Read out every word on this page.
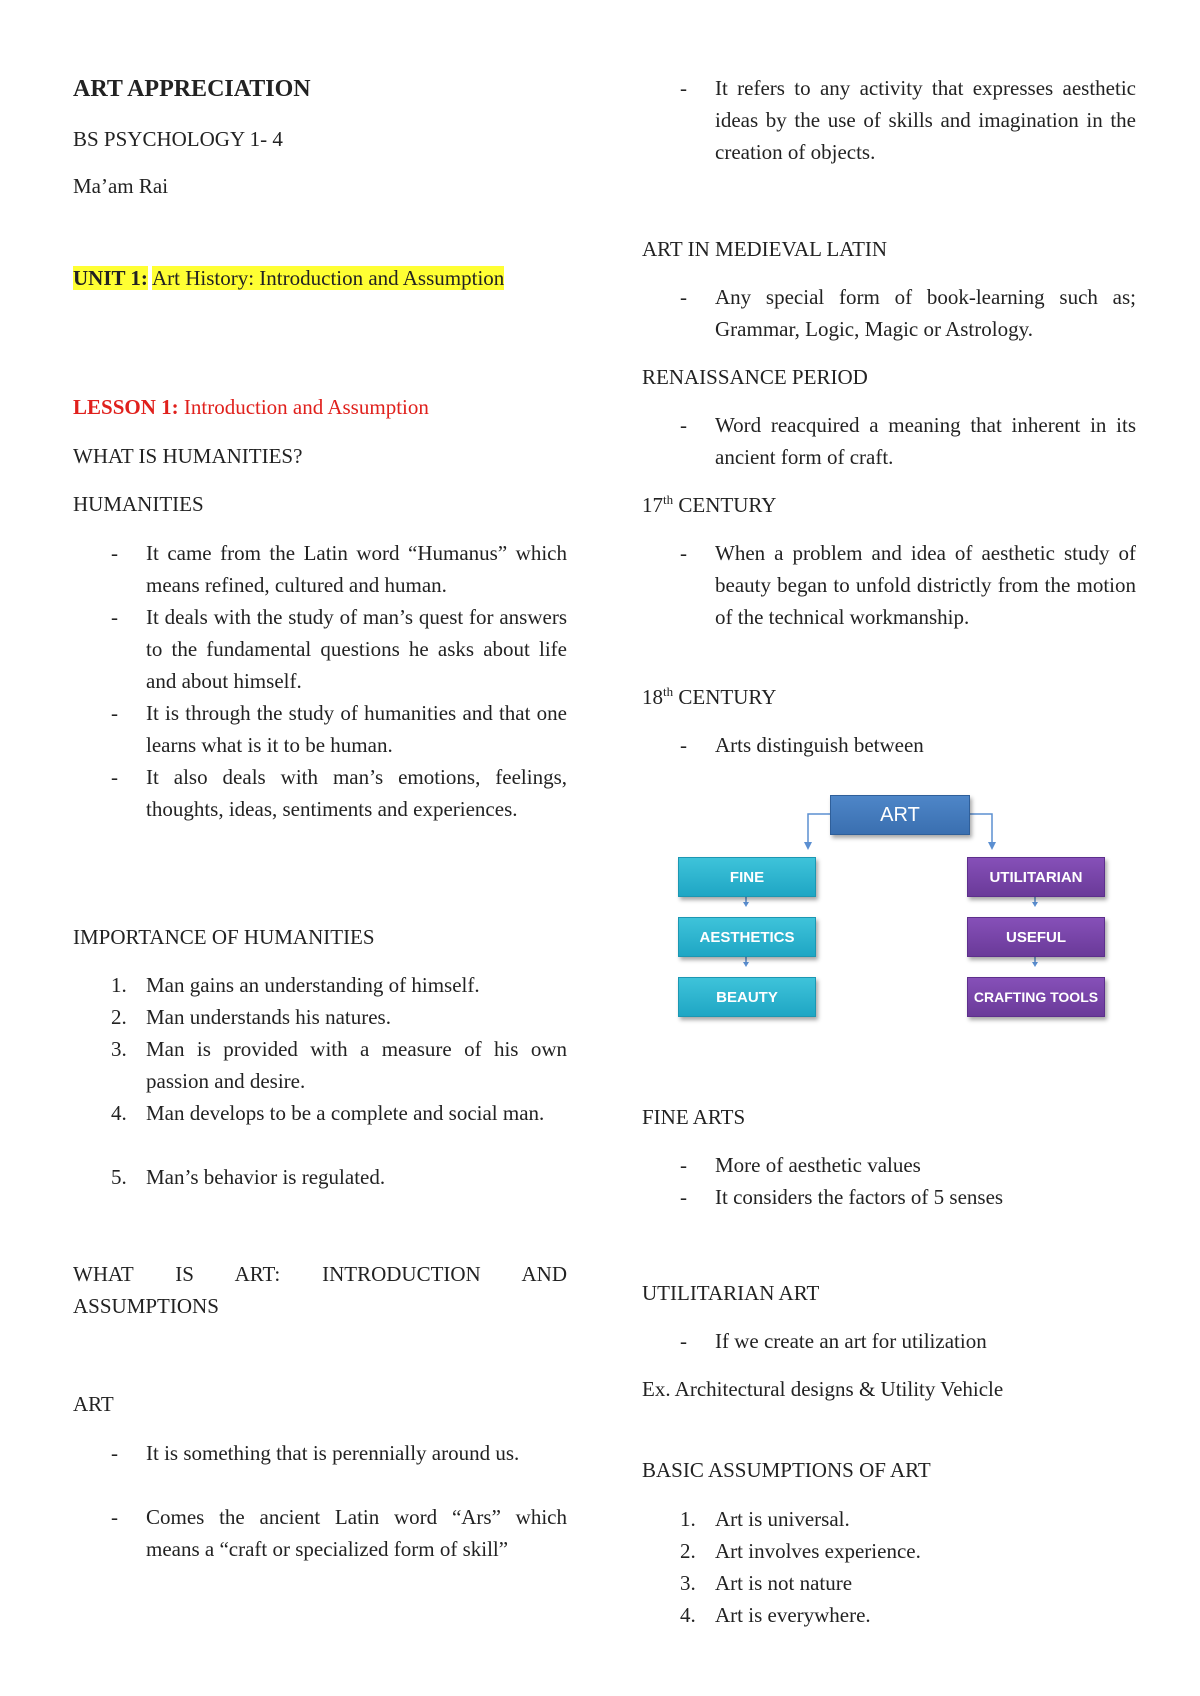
ART APPRECIATION

BS PSYCHOLOGY 1- 4

Ma’am Rai

UNIT 1: Art History: Introduction and Assumption

LESSON 1: Introduction and Assumption

WHAT IS HUMANITIES?

HUMANITIES

- It came from the Latin word “Humanus” which means refined, cultured and human.
- It deals with the study of man’s quest for answers to the fundamental questions he asks about life and about himself.
- It is through the study of humanities and that one learns what is it to be human.
- It also deals with man’s emotions, feelings, thoughts, ideas, sentiments and experiences.

IMPORTANCE OF HUMANITIES

1. Man gains an understanding of himself.
2. Man understands his natures.
3. Man is provided with a measure of his own passion and desire.
4. Man develops to be a complete and social man.
5. Man’s behavior is regulated.
WHAT IS ART: INTRODUCTION AND ASSUMPTIONS

ART

- It is something that is perennially around us.
- Comes the ancient Latin word “Ars” which means a “craft or specialized form of skill”
- It refers to any activity that expresses aesthetic ideas by the use of skills and imagination in the creation of objects.

ART IN MEDIEVAL LATIN

- Any special form of book-learning such as; Grammar, Logic, Magic or Astrology.

RENAISSANCE PERIOD

- Word reacquired a meaning that inherent in its ancient form of craft.

17th CENTURY

- When a problem and idea of aesthetic study of beauty began to unfold districtly from the motion of the technical workmanship.

18th CENTURY

- Arts distinguish between
ART
FINE
AESTHETICS
BEAUTY
UTILITARIAN
USEFUL
CRAFTING TOOLS

FINE ARTS

- More of aesthetic values
- It considers the factors of 5 senses

UTILITARIAN ART

- If we create an art for utilization

Ex. Architectural designs & Utility Vehicle

BASIC ASSUMPTIONS OF ART

1. Art is universal.
2. Art involves experience.
3. Art is not nature
4. Art is everywhere.
